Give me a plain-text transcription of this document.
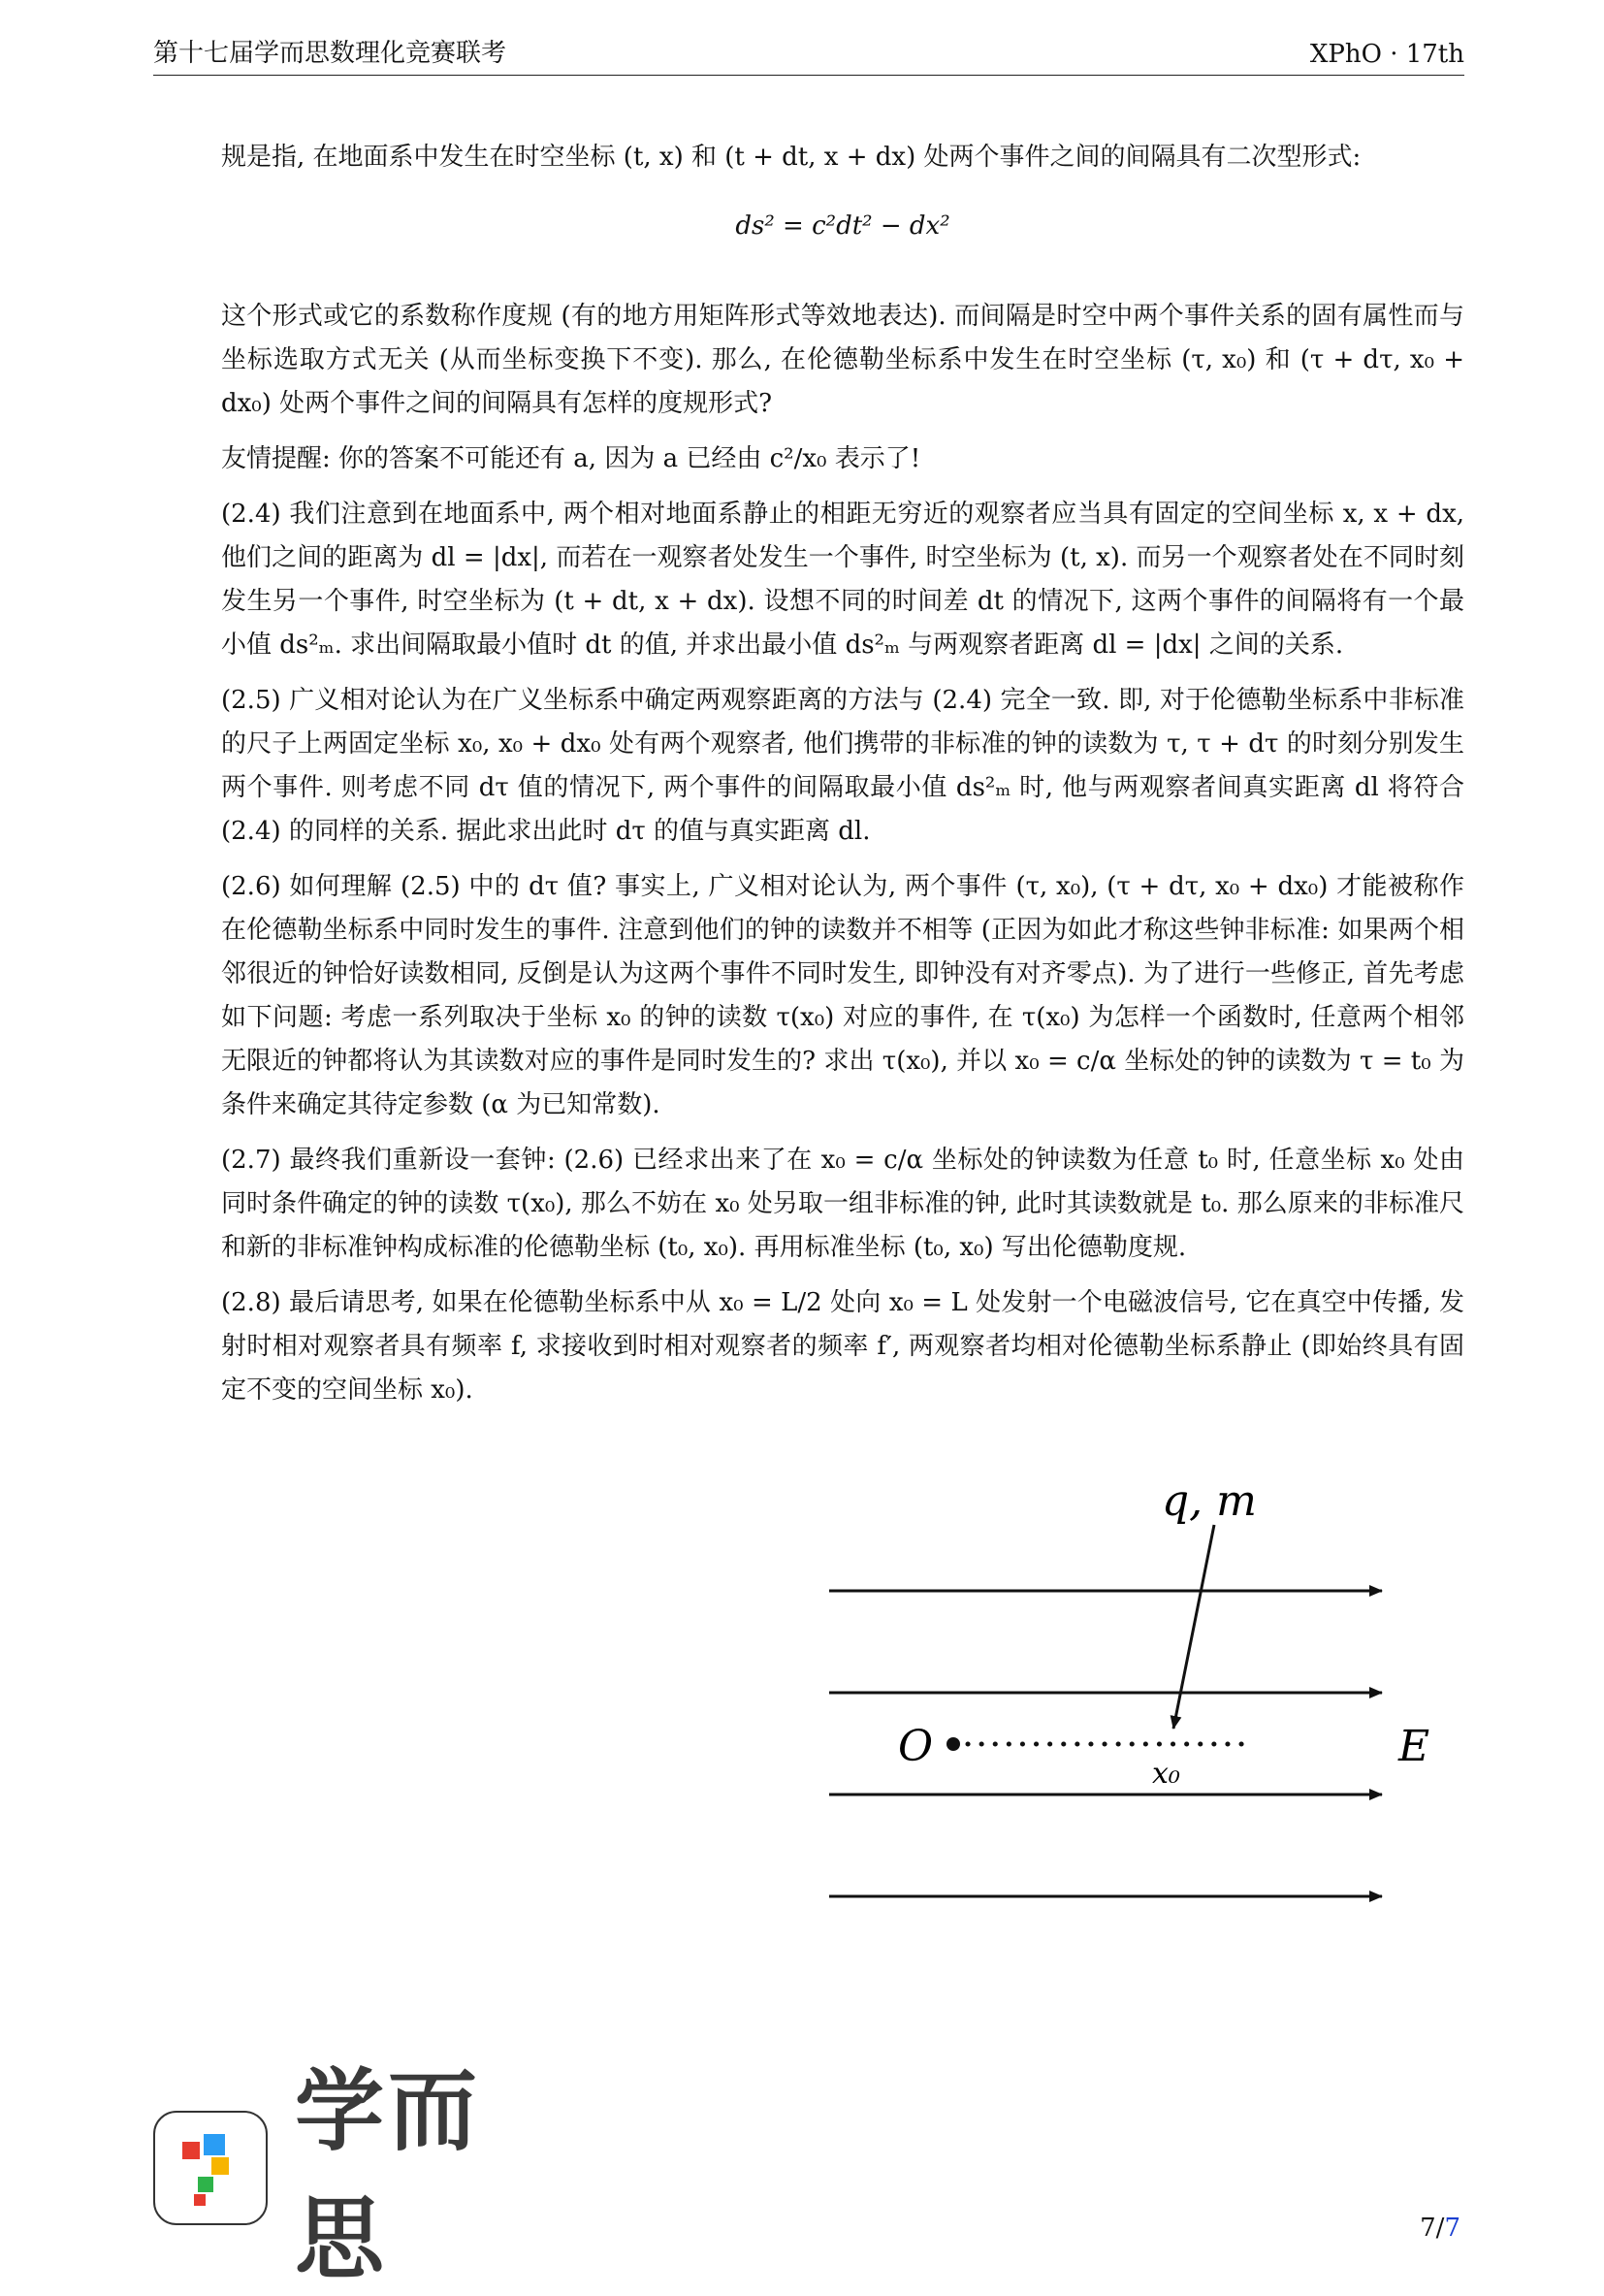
第十七届学而思数理化竞赛联考	XPhO · 17th

规是指, 在地面系中发生在时空坐标 (t, x) 和 (t + dt, x + dx) 处两个事件之间的间隔具有二次型形式:

ds² = c²dt² − dx²

这个形式或它的系数称作度规 (有的地方用矩阵形式等效地表达). 而间隔是时空中两个事件关系的固有属性而与坐标选取方式无关 (从而坐标变换下不变). 那么, 在伦德勒坐标系中发生在时空坐标 (τ, x₀) 和 (τ + dτ, x₀ + dx₀) 处两个事件之间的间隔具有怎样的度规形式?

友情提醒: 你的答案不可能还有 a, 因为 a 已经由 c²/x₀ 表示了!

(2.4) 我们注意到在地面系中, 两个相对地面系静止的相距无穷近的观察者应当具有固定的空间坐标 x, x + dx, 他们之间的距离为 dl = |dx|, 而若在一观察者处发生一个事件, 时空坐标为 (t, x). 而另一个观察者处在不同时刻发生另一个事件, 时空坐标为 (t + dt, x + dx). 设想不同的时间差 dt 的情况下, 这两个事件的间隔将有一个最小值 ds²ₘ. 求出间隔取最小值时 dt 的值, 并求出最小值 ds²ₘ 与两观察者距离 dl = |dx| 之间的关系.

(2.5) 广义相对论认为在广义坐标系中确定两观察距离的方法与 (2.4) 完全一致. 即, 对于伦德勒坐标系中非标准的尺子上两固定坐标 x₀, x₀ + dx₀ 处有两个观察者, 他们携带的非标准的钟的读数为 τ, τ + dτ 的时刻分别发生两个事件. 则考虑不同 dτ 值的情况下, 两个事件的间隔取最小值 ds²ₘ 时, 他与两观察者间真实距离 dl 将符合 (2.4) 的同样的关系. 据此求出此时 dτ 的值与真实距离 dl.

(2.6) 如何理解 (2.5) 中的 dτ 值? 事实上, 广义相对论认为, 两个事件 (τ, x₀), (τ + dτ, x₀ + dx₀) 才能被称作在伦德勒坐标系中同时发生的事件. 注意到他们的钟的读数并不相等 (正因为如此才称这些钟非标准: 如果两个相邻很近的钟恰好读数相同, 反倒是认为这两个事件不同时发生, 即钟没有对齐零点). 为了进行一些修正, 首先考虑如下问题: 考虑一系列取决于坐标 x₀ 的钟的读数 τ(x₀) 对应的事件, 在 τ(x₀) 为怎样一个函数时, 任意两个相邻无限近的钟都将认为其读数对应的事件是同时发生的? 求出 τ(x₀), 并以 x₀ = c/α 坐标处的钟的读数为 τ = t₀ 为条件来确定其待定参数 (α 为已知常数).

(2.7) 最终我们重新设一套钟: (2.6) 已经求出来了在 x₀ = c/α 坐标处的钟读数为任意 t₀ 时, 任意坐标 x₀ 处由同时条件确定的钟的读数 τ(x₀), 那么不妨在 x₀ 处另取一组非标准的钟, 此时其读数就是 t₀. 那么原来的非标准尺和新的非标准钟构成标准的伦德勒坐标 (t₀, x₀). 再用标准坐标 (t₀, x₀) 写出伦德勒度规.

(2.8) 最后请思考, 如果在伦德勒坐标系中从 x₀ = L/2 处向 x₀ = L 处发射一个电磁波信号, 它在真空中传播, 发射时相对观察者具有频率 f, 求接收到时相对观察者的频率 f′, 两观察者均相对伦德勒坐标系静止 (即始终具有固定不变的空间坐标 x₀).

q, m
O
x₀
E
学而思	7/7
